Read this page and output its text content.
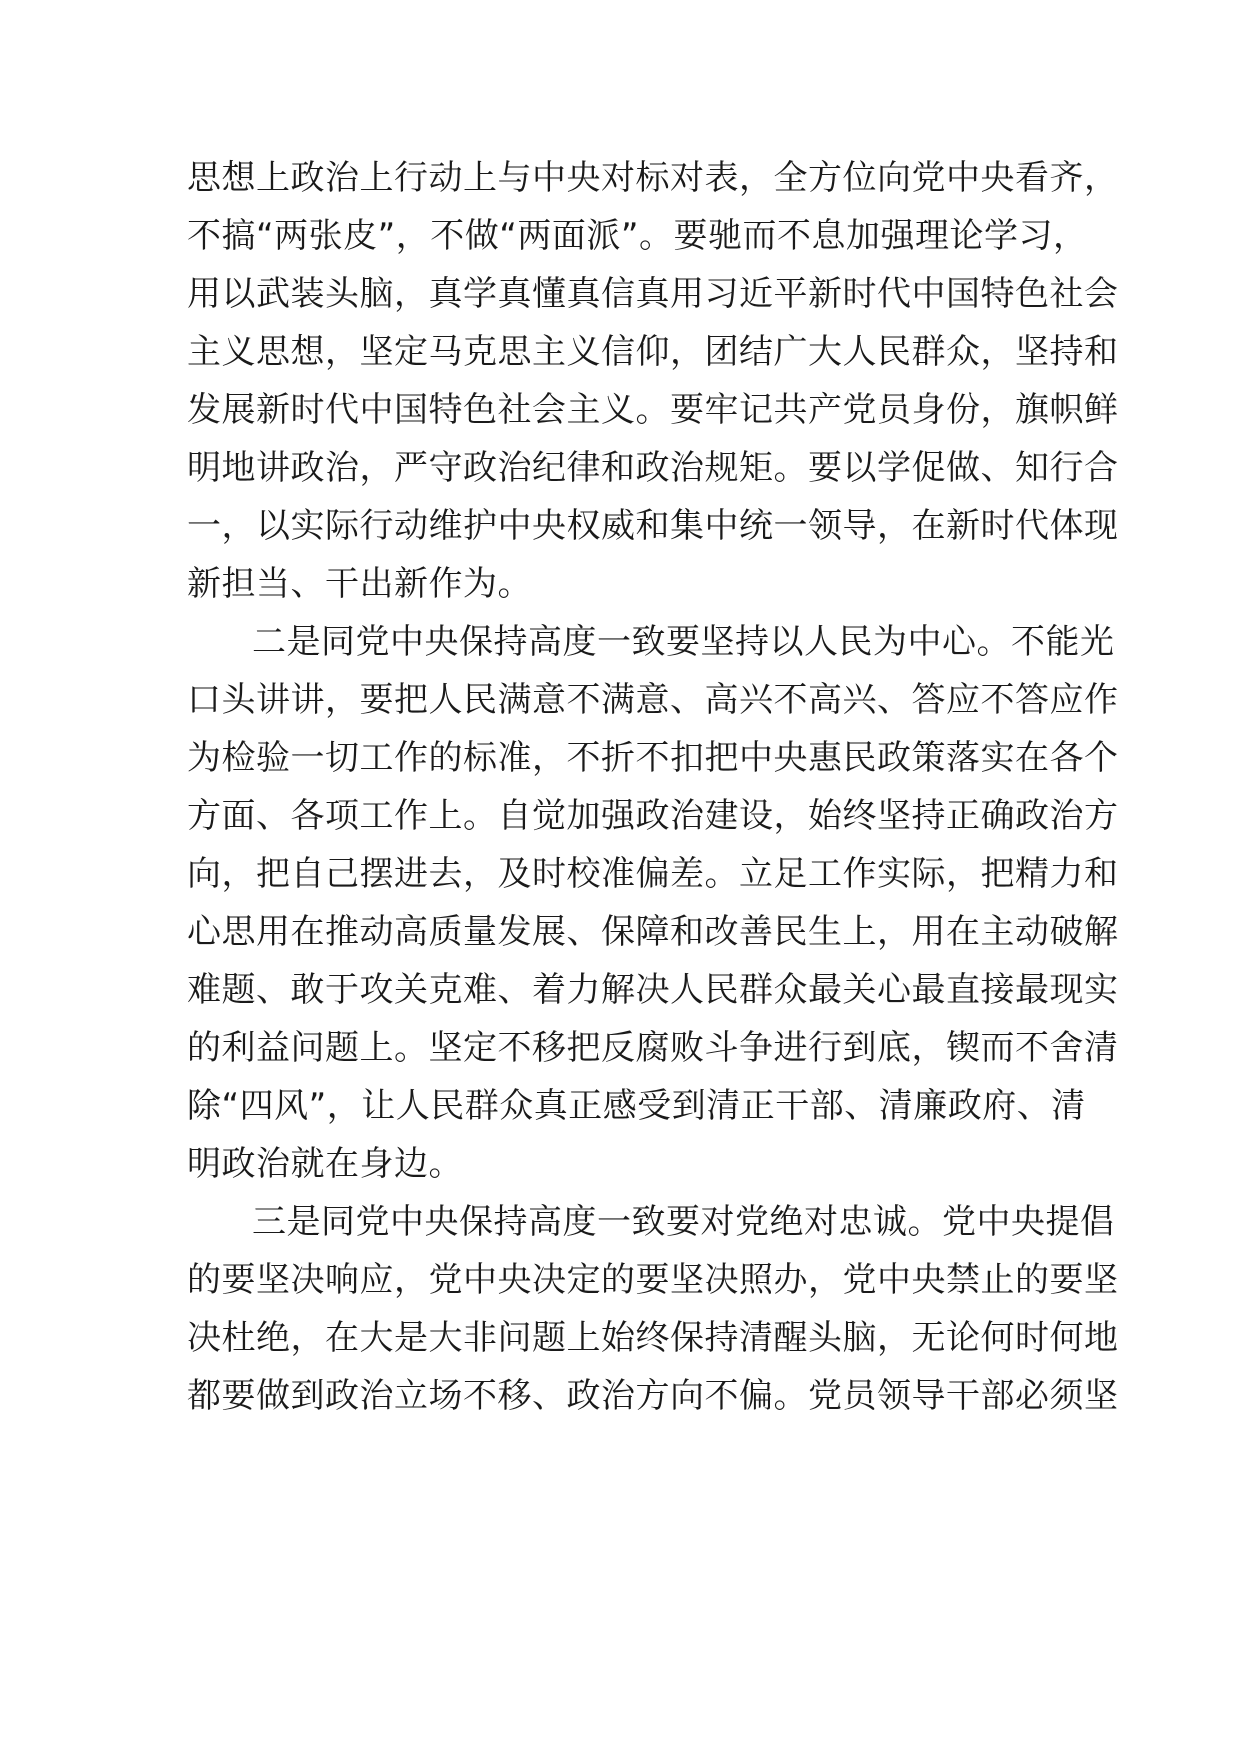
思想上政治上行动上与中央对标对表，全方位向党中央看齐，
不搞“两张皮”，不做“两面派”。要驰而不息加强理论学习，
用以武装头脑，真学真懂真信真用习近平新时代中国特色社会
主义思想，坚定马克思主义信仰，团结广大人民群众，坚持和
发展新时代中国特色社会主义。要牢记共产党员身份，旗帜鲜
明地讲政治，严守政治纪律和政治规矩。要以学促做、知行合
一，以实际行动维护中央权威和集中统一领导，在新时代体现
新担当、干出新作为。
二是同党中央保持高度一致要坚持以人民为中心。不能光
口头讲讲，要把人民满意不满意、高兴不高兴、答应不答应作
为检验一切工作的标准，不折不扣把中央惠民政策落实在各个
方面、各项工作上。自觉加强政治建设，始终坚持正确政治方
向，把自己摆进去，及时校准偏差。立足工作实际，把精力和
心思用在推动高质量发展、保障和改善民生上，用在主动破解
难题、敢于攻关克难、着力解决人民群众最关心最直接最现实
的利益问题上。坚定不移把反腐败斗争进行到底，锲而不舍清
除“四风”，让人民群众真正感受到清正干部、清廉政府、清
明政治就在身边。
三是同党中央保持高度一致要对党绝对忠诚。党中央提倡
的要坚决响应，党中央决定的要坚决照办，党中央禁止的要坚
决杜绝，在大是大非问题上始终保持清醒头脑，无论何时何地
都要做到政治立场不移、政治方向不偏。党员领导干部必须坚
